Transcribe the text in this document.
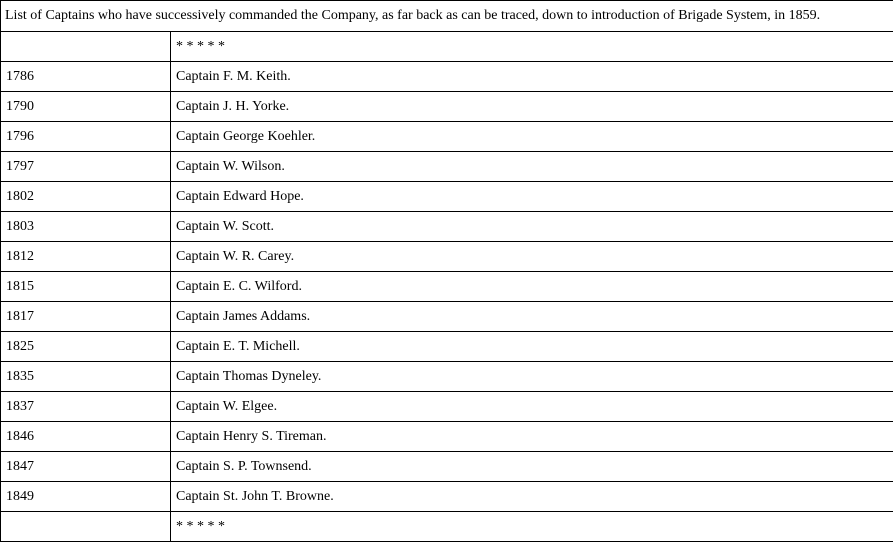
List of Captains who have successively commanded the Company, as far back as can be traced, down to introduction of Brigade System, in 1859.	
	* * * * *
1786	Captain F. M. Keith.
1790	Captain J. H. Yorke.
1796	Captain George Koehler.
1797	Captain W. Wilson.
1802	Captain Edward Hope.
1803	Captain W. Scott.
1812	Captain W. R. Carey.
1815	Captain E. C. Wilford.
1817	Captain James Addams.
1825	Captain E. T. Michell.
1835	Captain Thomas Dyneley.
1837	Captain W. Elgee.
1846	Captain Henry S. Tireman.
1847	Captain S. P. Townsend.
1849	Captain St. John T. Browne.
	* * * * *
